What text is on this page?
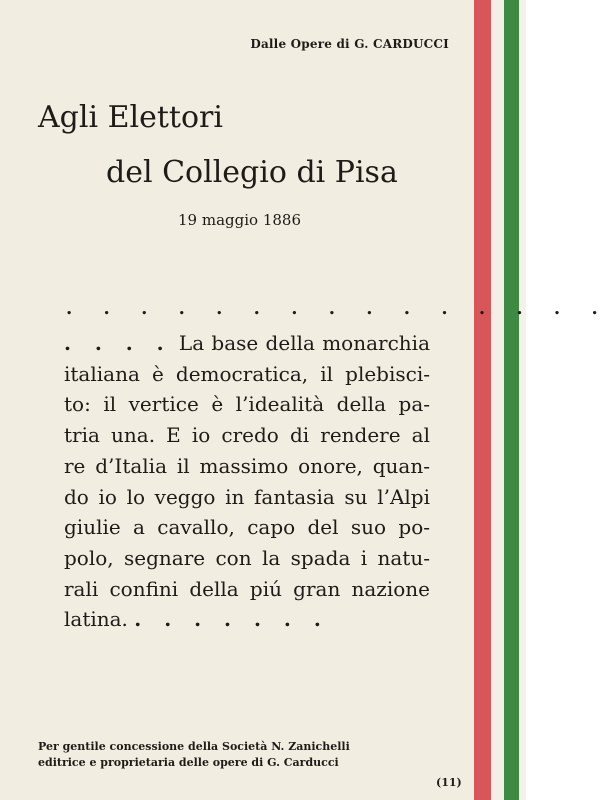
Dalle Opere di G. CARDUCCI
Agli Elettori
del Collegio di Pisa
19 maggio 1886
. . . . . . . . . . . . . . .
. . . . La base della monarchia
italiana è democratica, il plebisci-
to: il vertice è l’idealità della pa-
tria una. E io credo di rendere al
re d’Italia il massimo onore, quan-
do io lo veggo in fantasia su l’Alpi
giulie a cavallo, capo del suo po-
polo, segnare con la spada i natu-
rali confini della piú gran nazione
latina. . . . . . . .
Per gentile concessione della Società N. Zanichelli
editrice e proprietaria delle opere di G. Carducci
(11)
